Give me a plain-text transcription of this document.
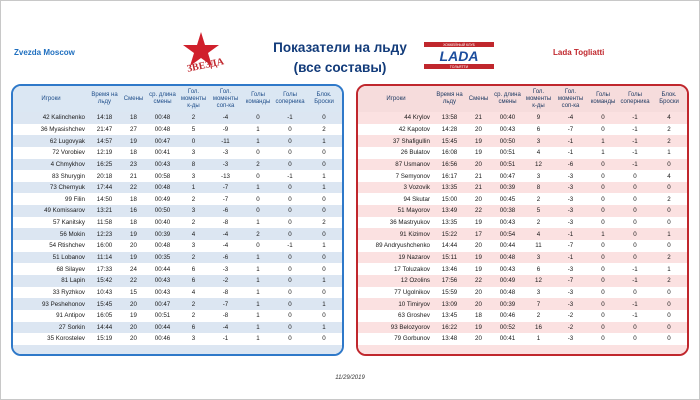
Zvezda Moscow
ЗВЕЗДА
Показатели на льду
(все составы)
ХОККЕЙНЫЙ КЛУБ
LADA
ТОЛЬЯТТИ
Lada Togliatti
Игроки	Время на льду	Смены	ср. длина смены	Гол. моменты к-ды	Гол. моменты соп-ка	Голы команды	Голы соперника	Блок. Броски
42 Kalinchenko	14:18	18	00:48	2	-4	0	-1	0
36 Myasishchev	21:47	27	00:48	5	-9	1	0	2
62 Lugovyak	14:57	19	00:47	0	-11	1	0	1
72 Vorobiev	12:19	18	00:41	3	-3	0	0	0
4 Chmykhov	16:25	23	00:43	8	-3	2	0	0
83 Shurygin	20:18	21	00:58	3	-13	0	-1	1
73 Chernyuk	17:44	22	00:48	1	-7	1	0	1
99 Filin	14:50	18	00:49	2	-7	0	0	0
49 Komissarov	13:21	16	00:50	3	-6	0	0	0
57 Kanitsky	11:58	18	00:40	2	-8	1	0	2
56 Mokin	12:23	19	00:39	4	-4	2	0	0
54 Rtishchev	16:00	20	00:48	3	-4	0	-1	1
51 Lobanov	11:14	19	00:35	2	-6	1	0	0
68 Silayev	17:33	24	00:44	6	-3	1	0	0
81 Lapin	15:42	22	00:43	6	-2	1	0	1
33 Ryzhkov	10:43	15	00:43	4	-8	1	0	0
93 Peshehonov	15:45	20	00:47	2	-7	1	0	1
91 Antipov	16:05	19	00:51	2	-8	1	0	0
27 Sorkin	14:44	20	00:44	6	-4	1	0	1
35 Korostelev	15:19	20	00:46	3	-1	1	0	0

Игроки	Время на льду	Смены	ср. длина смены	Гол. моменты к-ды	Гол. моменты соп-ка	Голы команды	Голы соперника	Блок. Броски
44 Krylov	13:58	21	00:40	9	-4	0	-1	4
42 Kapotov	14:28	20	00:43	6	-7	0	-1	2
37 Shafigullin	15:45	19	00:50	3	-1	1	-1	2
26 Bulatov	16:08	19	00:51	4	-1	1	-1	1
87 Usmanov	16:56	20	00:51	12	-6	0	-1	0
7 Semyonov	16:17	21	00:47	3	-3	0	0	4
3 Vozovik	13:35	21	00:39	8	-3	0	0	0
94 Skutar	15:00	20	00:45	2	-3	0	0	2
51 Mayorov	13:49	22	00:38	5	-3	0	0	0
36 Mastryukov	13:35	19	00:43	2	-3	0	0	0
91 Kizimov	15:22	17	00:54	4	-1	1	0	1
89 Andryushchenko	14:44	20	00:44	11	-7	0	0	0
19 Nazarov	15:11	19	00:48	3	-1	0	0	2
17 Toluzakov	13:46	19	00:43	6	-3	0	-1	1
12 Ozolins	17:56	22	00:49	12	-7	0	-1	2
77 Ugolnikov	15:59	20	00:48	3	-3	0	0	0
10 Timiryov	13:09	20	00:39	7	-3	0	-1	0
63 Groshev	13:45	18	00:46	2	-2	0	-1	0
93 Belozyorov	16:22	19	00:52	16	-2	0	0	0
79 Gorbunov	13:48	20	00:41	1	-3	0	0	0

11/29/2019
